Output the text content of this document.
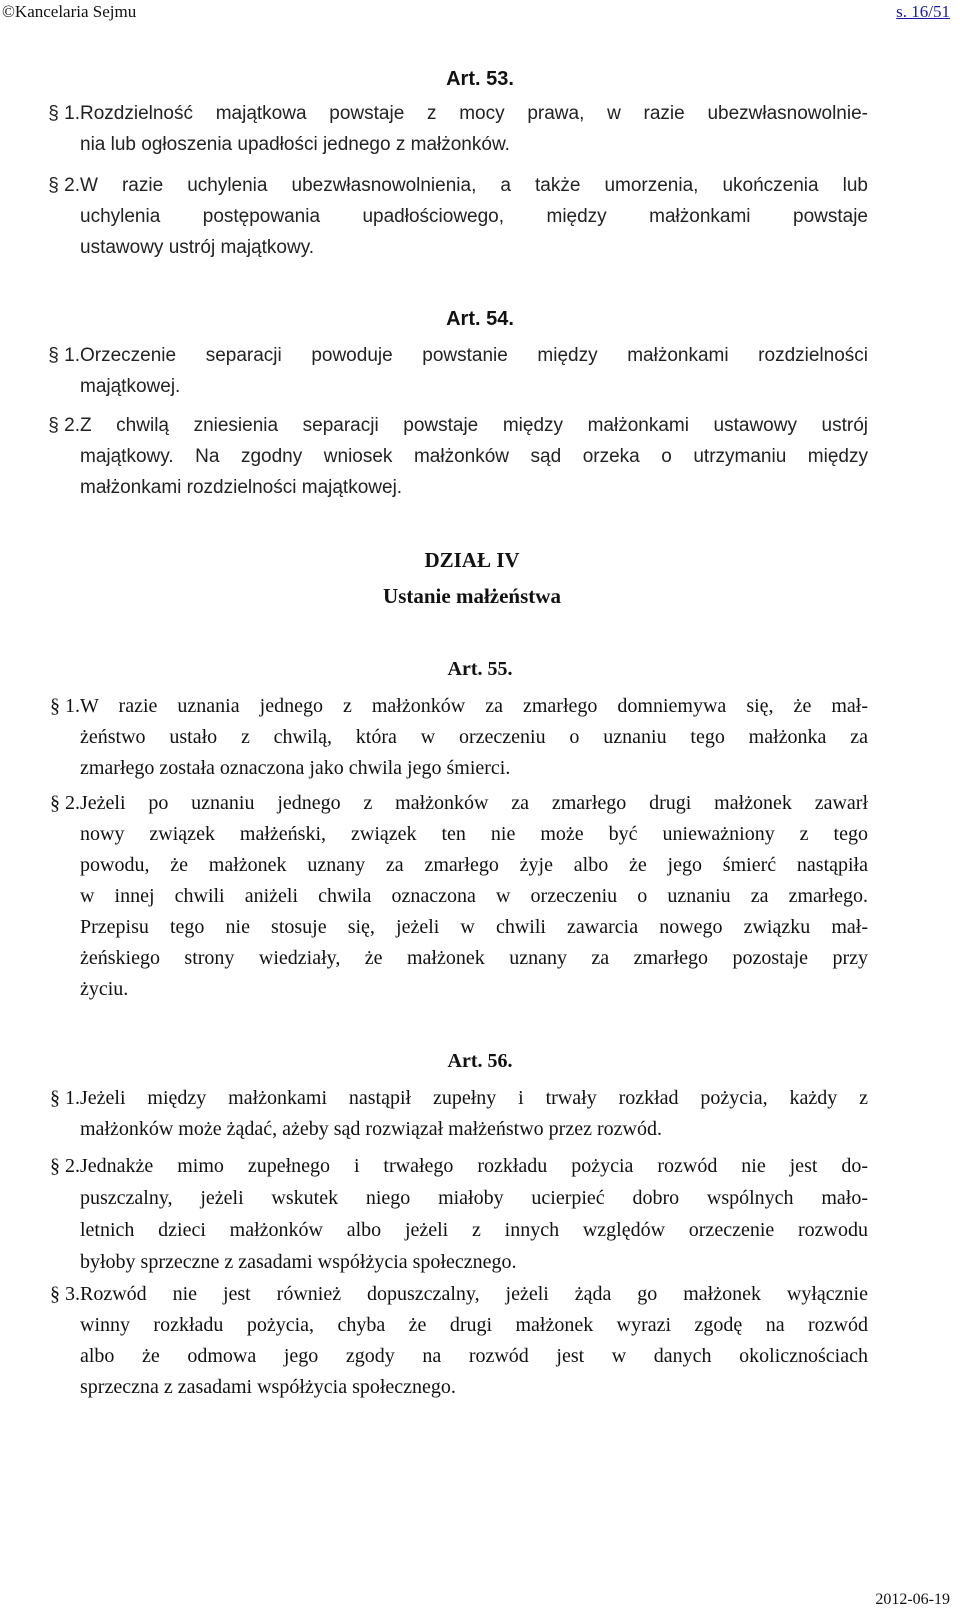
©Kancelaria Sejmu	s. 16/51
Art. 53.
§ 1. Rozdzielność majątkowa powstaje z mocy prawa, w razie ubezwłasnowolnie-
nia lub ogłoszenia upadłości jednego z małżonków.
§ 2. W razie uchylenia ubezwłasnowolnienia, a także umorzenia, ukończenia lub
uchylenia postępowania upadłościowego, między małżonkami powstaje
ustawowy ustrój majątkowy.
Art. 54.
§ 1. Orzeczenie separacji powoduje powstanie między małżonkami rozdzielności
majątkowej.
§ 2. Z chwilą zniesienia separacji powstaje między małżonkami ustawowy ustrój
majątkowy. Na zgodny wniosek małżonków sąd orzeka o utrzymaniu między
małżonkami rozdzielności majątkowej.
DZIAŁ IV
Ustanie małżeństwa
Art. 55.
§ 1. W razie uznania jednego z małżonków za zmarłego domniemywa się, że mał-
żeństwo ustało z chwilą, która w orzeczeniu o uznaniu tego małżonka za
zmarłego została oznaczona jako chwila jego śmierci.
§ 2. Jeżeli po uznaniu jednego z małżonków za zmarłego drugi małżonek zawarł
nowy związek małżeński, związek ten nie może być unieważniony z tego
powodu, że małżonek uznany za zmarłego żyje albo że jego śmierć nastąpiła
w innej chwili aniżeli chwila oznaczona w orzeczeniu o uznaniu za zmarłego.
Przepisu tego nie stosuje się, jeżeli w chwili zawarcia nowego związku mał-
żeńskiego strony wiedziały, że małżonek uznany za zmarłego pozostaje przy
życiu.
Art. 56.
§ 1. Jeżeli między małżonkami nastąpił zupełny i trwały rozkład pożycia, każdy z
małżonków może żądać, ażeby sąd rozwiązał małżeństwo przez rozwód.
§ 2. Jednakże mimo zupełnego i trwałego rozkładu pożycia rozwód nie jest do-
puszczalny, jeżeli wskutek niego miałoby ucierpieć dobro wspólnych mało-
letnich dzieci małżonków albo jeżeli z innych względów orzeczenie rozwodu
byłoby sprzeczne z zasadami współżycia społecznego.
§ 3. Rozwód nie jest również dopuszczalny, jeżeli żąda go małżonek wyłącznie
winny rozkładu pożycia, chyba że drugi małżonek wyrazi zgodę na rozwód
albo że odmowa jego zgody na rozwód jest w danych okolicznościach
sprzeczna z zasadami współżycia społecznego.
2012-06-19
